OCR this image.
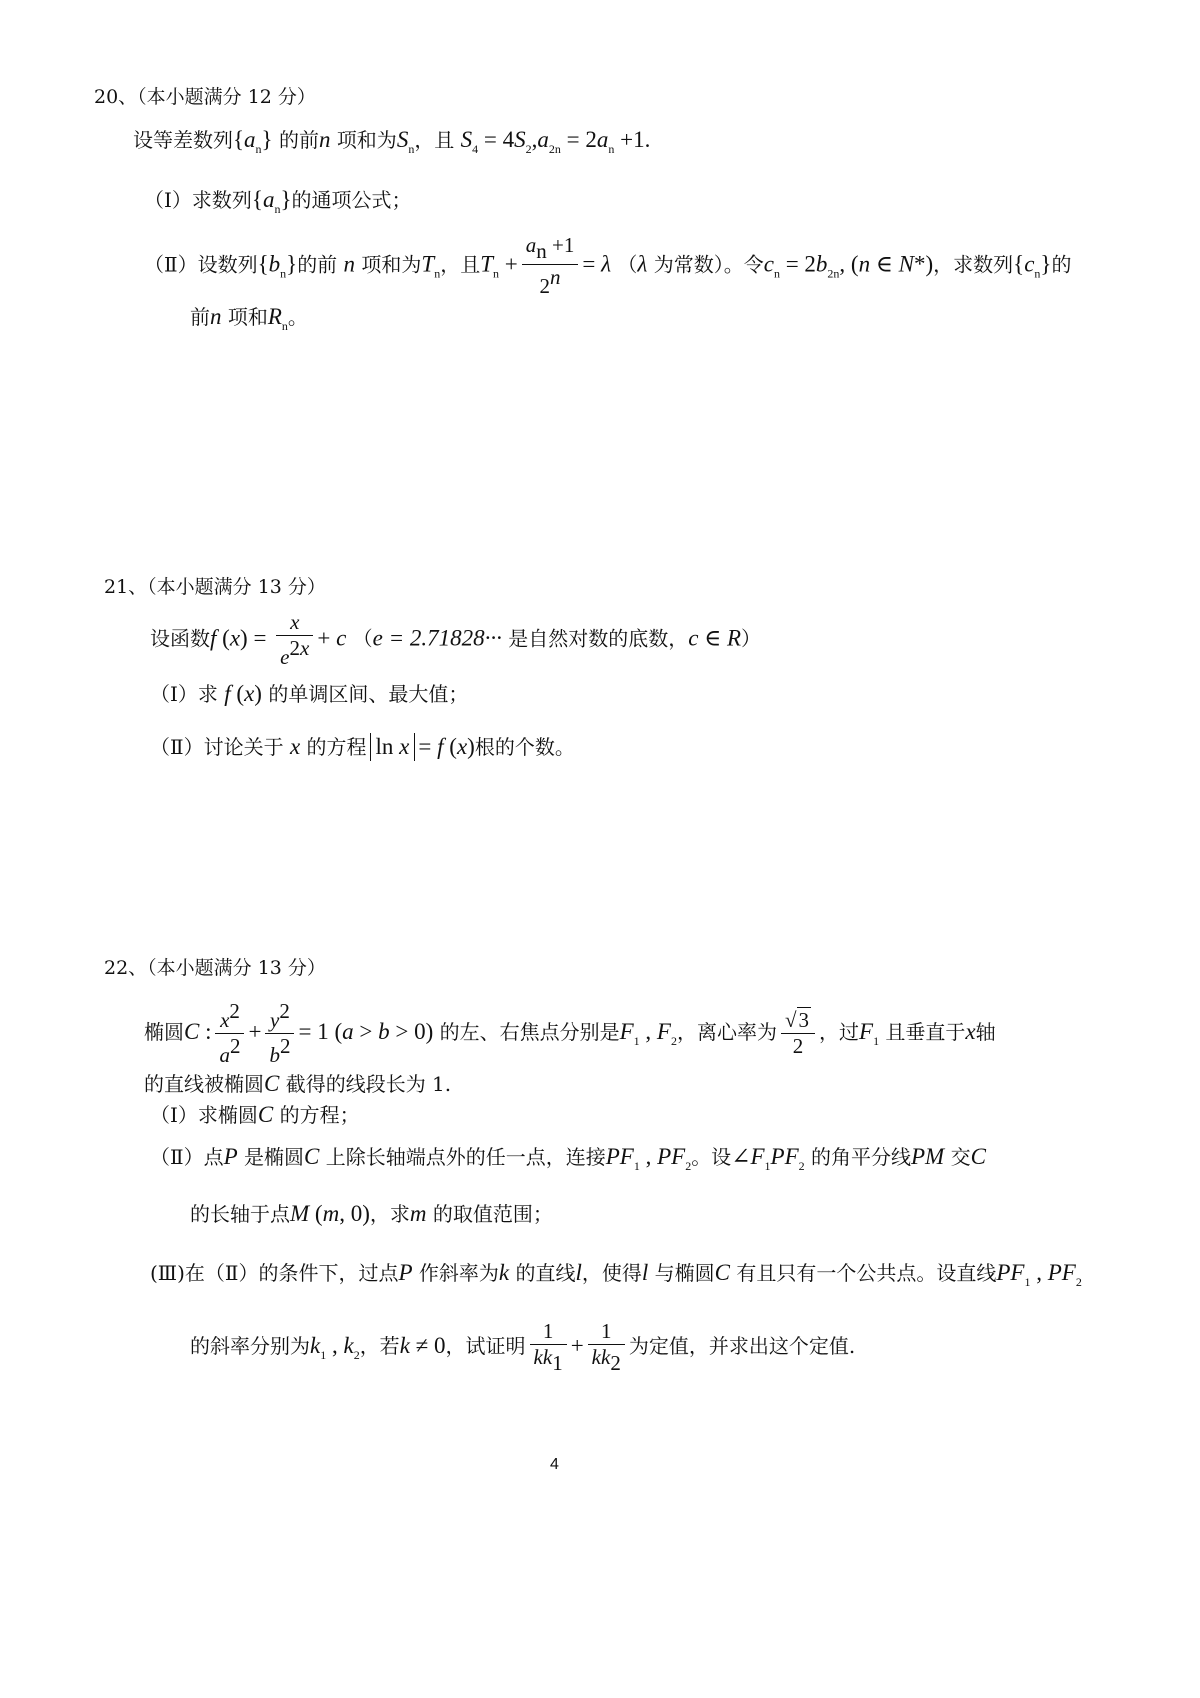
20、（本小题满分 12 分）
设等差数列$\{a_n\}$ 的前n 项和为$S_n$，且 $S_4 = 4S_2,a_{2n} = 2a_n +1$.
（Ⅰ）求数列$\{a_n\}$的通项公式；
（Ⅱ）设数列$\{b_n\}$的前 n 项和为$T_n$，且$T_n + \frac{an +1}{2n} = \lambda$ （λ 为常数）。令$c_n = 2b_{2n}$, (n ∈ N*)，求数列$\{c_n\}$的
前n 项和$R_n$。
21、（本小题满分 13 分）
设函数f $(x) = \frac{x}{e2x} + c$ （e = 2.71828··· 是自然对数的底数，c ∈ R）
（Ⅰ）求 f (x) 的单调区间、最大值；
（Ⅱ）讨论关于 x 的方程 ln x = f (x)根的个数。
22、（本小题满分 13 分）
椭圆C : $\frac{x2}{a2} + \frac{y2}{b2} = 1$ (a > b > 0) 的左、右焦点分别是$F_1$ , $F_2$，离心率为 $\frac{√3}{2}$ ，过$F_1$ 且垂直于x轴
的直线被椭圆C 截得的线段长为 1.
（Ⅰ）求椭圆C 的方程；
（Ⅱ）点P 是椭圆C 上除长轴端点外的任一点，连接$PF_1$ , $PF_2$。设$\angle F_1PF_2$ 的角平分线PM 交C
的长轴于点M (m, 0)，求m 的取值范围；
(Ⅲ)在（Ⅱ）的条件下，过点P 作斜率为k 的直线l，使得l 与椭圆C 有且只有一个公共点。设直线$PF_1$ , $PF_2$
的斜率分别为$k_1$ , $k_2$，若k ≠ 0，试证明 $\frac{1}{kk1} + \frac{1}{kk2}$ 为定值，并求出这个定值.
4
